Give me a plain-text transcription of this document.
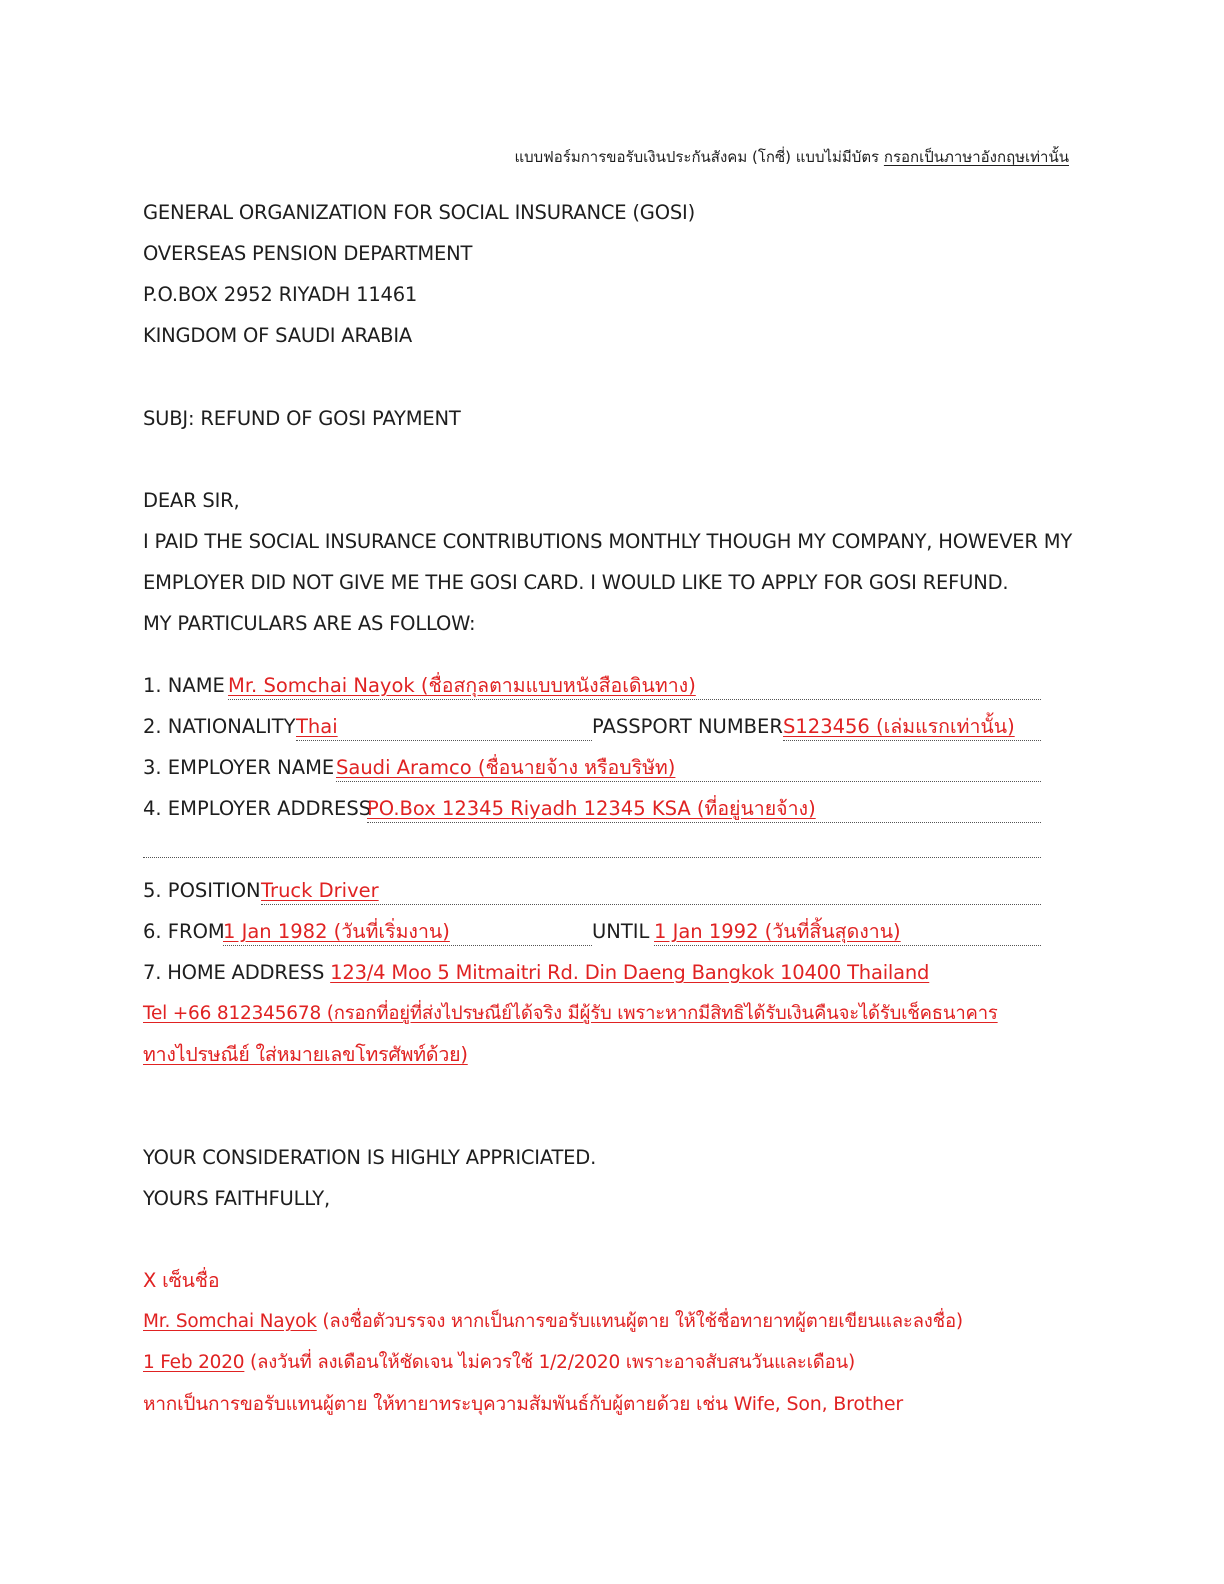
แบบฟอร์มการขอรับเงินประกันสังคม (โกซี่) แบบไม่มีบัตร กรอกเป็นภาษาอังกฤษเท่านั้น
GENERAL ORGANIZATION FOR SOCIAL INSURANCE (GOSI)
OVERSEAS PENSION DEPARTMENT
P.O.BOX 2952 RIYADH 11461
KINGDOM OF SAUDI ARABIA
SUBJ: REFUND OF GOSI PAYMENT
DEAR SIR,
I PAID THE SOCIAL INSURANCE CONTRIBUTIONS MONTHLY THOUGH MY COMPANY, HOWEVER MY
EMPLOYER DID NOT GIVE ME THE GOSI CARD. I WOULD LIKE TO APPLY FOR GOSI REFUND.
MY PARTICULARS ARE AS FOLLOW:
1. NAME Mr. Somchai Nayok (ชื่อสกุลตามแบบหนังสือเดินทาง)
2. NATIONALITY Thai	PASSPORT NUMBER S123456 (เล่มแรกเท่านั้น)
3. EMPLOYER NAME Saudi Aramco (ชื่อนายจ้าง หรือบริษัท)
4. EMPLOYER ADDRESS
PO.Box 12345 Riyadh 12345 KSA (ที่อยู่นายจ้าง)
5. POSITION Truck Driver
6. FROM
1 Jan 1982 (วันที่เริ่มงาน)	UNTIL 1 Jan 1992 (วันที่สิ้นสุดงาน)
7. HOME ADDRESS 123/4 Moo 5 Mitmaitri Rd. Din Daeng Bangkok 10400 Thailand
Tel +66 812345678 (กรอกที่อยู่ที่ส่งไปรษณีย์ได้จริง มีผู้รับ เพราะหากมีสิทธิได้รับเงินคืนจะได้รับเช็คธนาคาร
ทางไปรษณีย์ ใส่หมายเลขโทรศัพท์ด้วย)
YOUR CONSIDERATION IS HIGHLY APPRICIATED.
YOURS FAITHFULLY,
X เซ็นชื่อ
Mr. Somchai Nayok (ลงชื่อตัวบรรจง หากเป็นการขอรับแทนผู้ตาย ให้ใช้ชื่อทายาทผู้ตายเขียนและลงชื่อ)
1 Feb 2020 (ลงวันที่ ลงเดือนให้ชัดเจน ไม่ควรใช้ 1/2/2020 เพราะอาจสับสนวันและเดือน)
หากเป็นการขอรับแทนผู้ตาย ให้ทายาทระบุความสัมพันธ์กับผู้ตายด้วย เช่น Wife, Son, Brother
